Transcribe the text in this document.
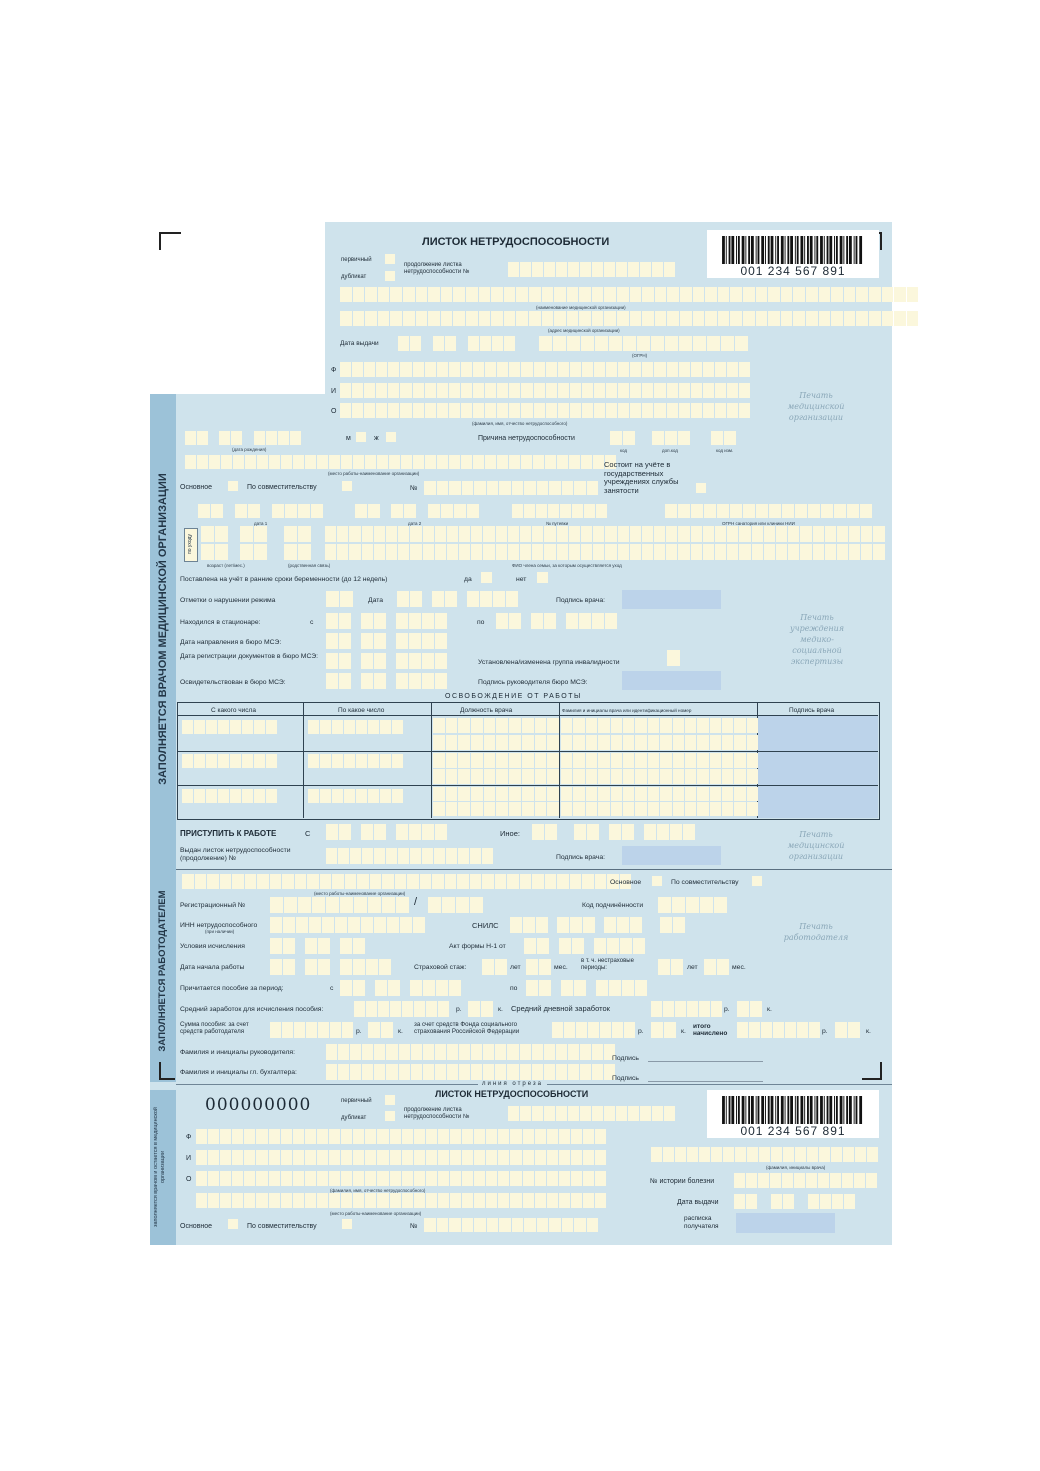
ЗАПОЛНЯЕТСЯ ВРАЧОМ МЕДИЦИНСКОЙ ОРГАНИЗАЦИИ
ЗАПОЛНЯЕТСЯ РАБОТОДАТЕЛЕМ
заполняется врачом и остается в медицинской организации
ЛИСТОК НЕТРУДОСПОСОБНОСТИ
001 234 567 891
первичный
дубликат
продолжение листка нетрудоспособности №
(наименование медицинской организации)
(адрес медицинской организации)
Дата выдачи
(ОГРН)
Ф
И
О
(фамилия, имя, отчество нетрудоспособного)
Печать медицинской организации
(дата рождения)
м	ж	Причина нетрудоспособности
код	доп.код	код изм.
(место работы-наименование организации)
Состоит на учёте в государственных учреждениях службы занятости
Основное	По совместительству	№
дата 1	дата 2	№ путевки	ОГРН санатория или клиники НИИ
по уходу
возраст (лет/мес.)	(родственная связь)	ФИО члена семьи, за которым осуществляется уход
Поставлена на учёт в ранние сроки беременности (до 12 недель)	да	нет
Отметки о нарушении режима	Дата	Подпись врача:
Печать учреждения медико-социальной экспертизы
Находился в стационаре:	с	по
Дата направления в бюро МСЭ:
Дата регистрации документов в бюро МСЭ:
Установлена/изменена группа инвалидности
Освидетельствован в бюро МСЭ:	Подпись руководителя бюро МСЭ:
ОСВОБОЖДЕНИЕ ОТ РАБОТЫ
С какого числа	По какое число	Должность врача	Фамилия и инициалы врача или идентификационный номер	Подпись врача
ПРИСТУПИТЬ К РАБОТЕ	С	Иное:	Печать медицинской организации
Выдан листок нетрудоспособности (продолжение) №	Подпись врача:
(место работы-наименование организации)
Основное	По совместительству
Регистрационный №	/	Код подчинённости
ИНН нетрудоспособного
(при наличии)
СНИЛС	Печать работодателя
Условия исчисления	Акт формы Н-1 от
Дата начала работы	Страховой стаж:	лет	мес.
в т. ч. нестраховые периоды:	лет	мес.
Причитается пособие за период:	с	по
Средний заработок для исчисления пособия:	р.	к. Средний дневной заработок	р.	к.
Сумма пособия: за счет средств работодателя	р.	к.
за счет средств Фонда социального страхования Российской Федерации	р.	к.
итого начислено	р.	к.
Фамилия и инициалы руководителя:
Подпись
Фамилия и инициалы гл. бухгалтера:
Подпись
линия отреза
000000000
ЛИСТОК НЕТРУДОСПОСОБНОСТИ
первичный
дубликат
продолжение листка нетрудоспособности №
001 234 567 891
Ф
И
О
(фамилия, имя, отчество нетрудоспособного)
(место работы-наименование организации)
(фамилия, инициалы врача)
№ истории болезни
Дата выдачи
Основное	По совместительству	№
расписка получателя
